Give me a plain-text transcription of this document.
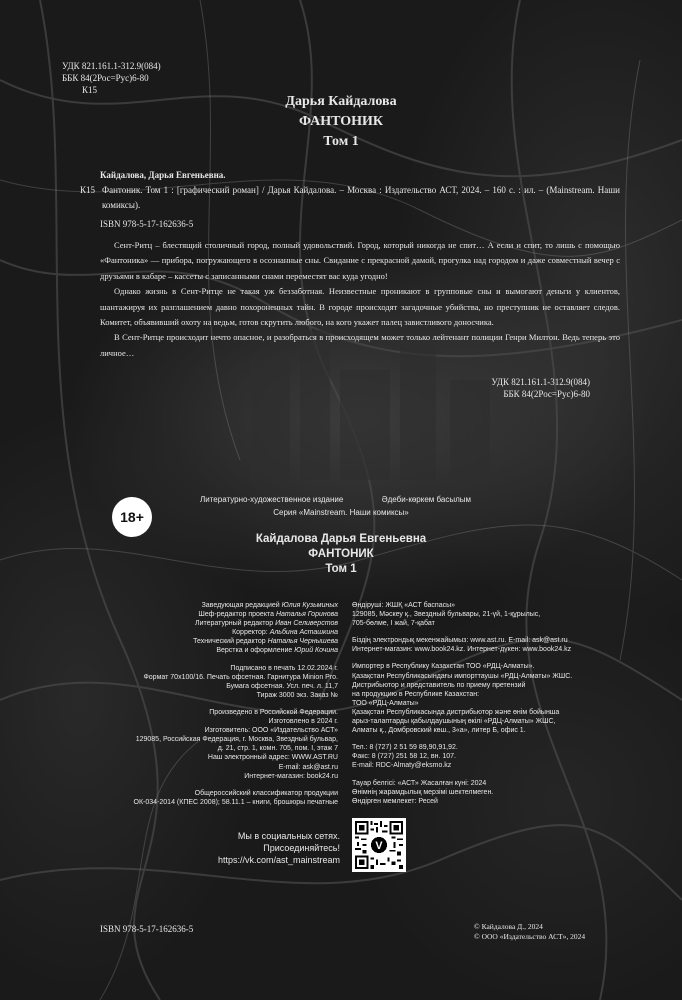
УДК 821.161.1-312.9(084)
ББК 84(2Рос=Рус)6-80
К15
Дарья Кайдалова
ФАНТОНИК
Том 1
Кайдалова, Дарья Евгеньевна.
К15 Фантоник. Том 1 : [графический роман] / Дарья Кайдалова. – Москва : Издательство АСТ, 2024. – 160 с. : ил. – (Mainstream. Наши комиксы).
ISBN 978-5-17-162636-5

Сент-Ритц – блестящий столичный город, полный удовольствий. Город, который никогда не спит… А если и спит, то лишь с помощью «Фантоника» — прибора, погружающего в осознанные сны. Свидание с прекрасной дамой, прогулка над городом и даже совместный вечер с друзьями в кабаре – кассеты с записанными снами переместят вас куда угодно!

Однако жизнь в Сент-Ритце не такая уж беззаботная. Неизвестные проникают в групповые сны и вымогают деньги у клиентов, шантажируя их разглашением давно похороненных тайн. В городе происходят загадочные убийства, но преступник не оставляет следов. Комитет, объявивший охоту на ведьм, готов скрутить любого, на кого укажет палец завистливого доносчика.

В Сент-Ритце происходит нечто опасное, и разобраться в происходящем может только лейтенант полиции Генри Милтон. Ведь теперь это личное…

УДК 821.161.1-312.9(084)
ББК 84(2Рос=Рус)6-80
18+
Литературно-художественное издание	Әдеби-көркем басылым
Серия «Mainstream. Наши комиксы»
Кайдалова Дарья Евгеньевна
ФАНТОНИК
Том 1
Заведующая редакцией Юлия Кузьминых
Шеф-редактор проекта Наталья Горинова
Литературный редактор Иван Селиверстов
Корректор: Альбина Асташкина
Технический редактор Наталья Чернышева
Верстка и оформление Юрий Кочина
Подписано в печать 12.02.2024 г.
Формат 70х100/16. Печать офсетная. Гарнитура Minion Pro.
Бумага офсетная. Усл. печ. л. 11,7
Тираж 3000 экз. Заказ №
Произведено в Российской Федерации.
Изготовлено в 2024 г.
Изготовитель: ООО «Издательство АСТ»
129085, Российская Федерация, г. Москва, Звездный бульвар,
д. 21, стр. 1, комн. 705, пом. I, этаж 7
Наш электронный адрес: WWW.AST.RU
E-mail: ask@ast.ru
Интернет-магазин: book24.ru
Общероссийский классификатор продукции
ОК-034-2014 (КПЕС 2008); 58.11.1 – книги, брошюры печатные
Өндіруші: ЖШҚ «АСТ баспасы»
129085, Мәскеу қ., Звездный бульвары, 21-үй, 1-құрылыс,
705-бөлме, I жай, 7-қабат
Біздің электрондық мекенжайымыз: www.ast.ru. E-mail: ask@ast.ru
Интернет-магазин: www.book24.kz. Интернет-дүкен: www.book24.kz
Импортер в Республику Казахстан ТОО «РДЦ-Алматы».
Қазақстан Республикасындағы импорттаушы «РДЦ-Алматы» ЖШС.
Дистрибьютор и представитель по приему претензий
на продукцию в Республике Казахстан:
ТОО «РДЦ-Алматы»
Қазақстан Республикасында дистрибьютор және өнім бойынша
арыз-талаптарды қабылдаушының өкілі «РДЦ-Алматы» ЖШС,
Алматы қ., Домбровский көш., 3«а», литер Б, офис 1.
Тел.: 8 (727) 2 51 59 89,90,91,92.
Факс: 8 (727) 251 58 12, вн. 107.
E-mail: RDC-Almaty@eksmo.kz
Тауар белгісі: «АСТ» Жасалған күні: 2024
Өнімнің жарамдылық мерзімі шектелмеген.
Өндірген мемлекет: Ресей
Мы в социальных сетях.
Присоединяйтесь!
https://vk.com/ast_mainstream
V
ISBN 978-5-17-162636-5	© Кайдалова Д., 2024
© ООО «Издательство АСТ», 2024
